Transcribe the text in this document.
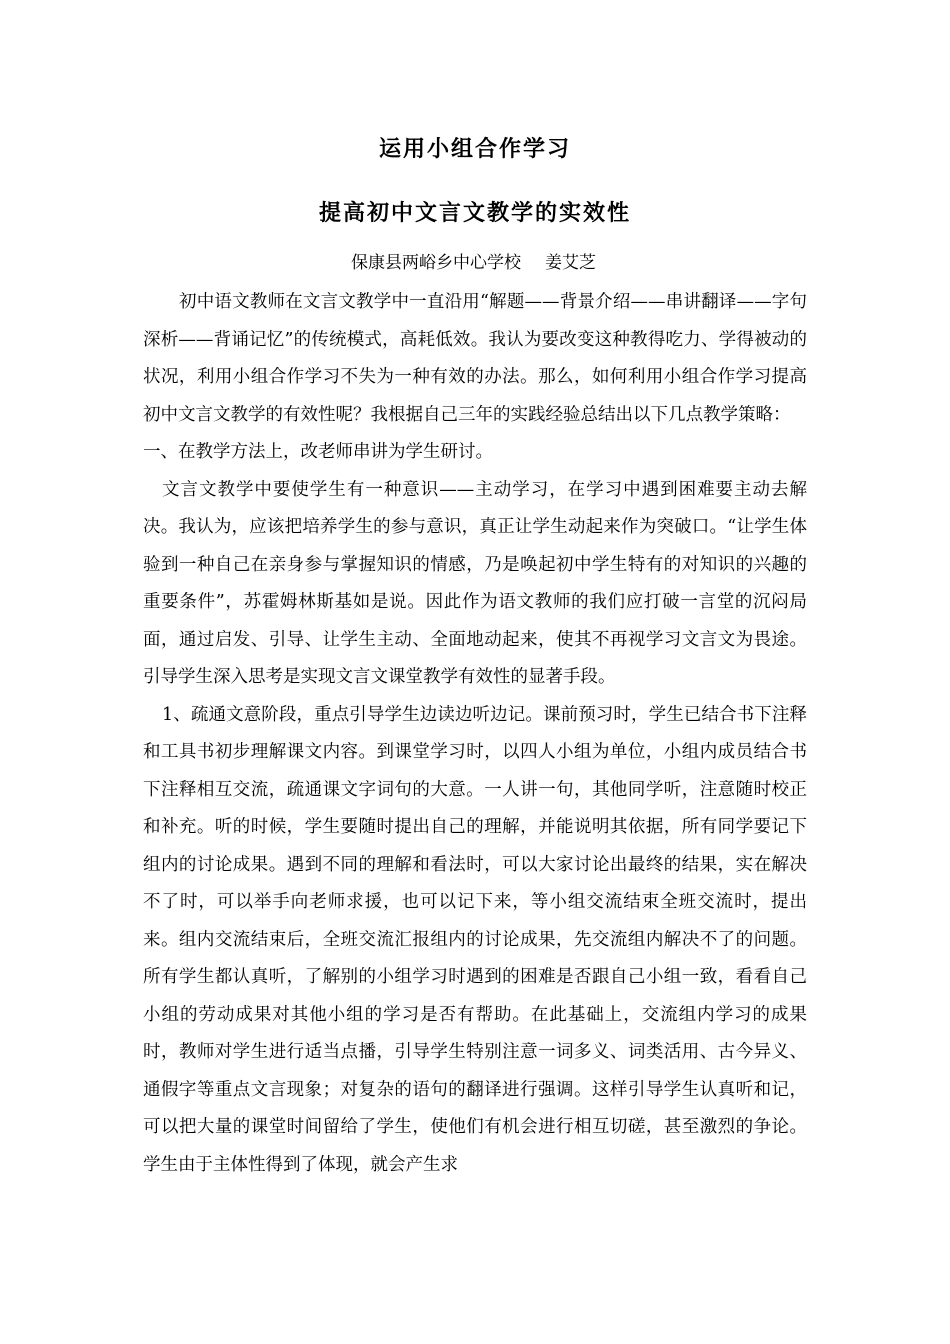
运用小组合作学习
提高初中文言文教学的实效性
保康县两峪乡中心学校 姜艾芝

初中语文教师在文言文教学中一直沿用“解题——背景介绍——串讲翻译——字句深析——背诵记忆”的传统模式，高耗低效。我认为要改变这种教得吃力、学得被动的状况，利用小组合作学习不失为一种有效的办法。那么，如何利用小组合作学习提高初中文言文教学的有效性呢？我根据自己三年的实践经验总结出以下几点教学策略：

一、在教学方法上，改老师串讲为学生研讨。

文言文教学中要使学生有一种意识——主动学习，在学习中遇到困难要主动去解决。我认为，应该把培养学生的参与意识，真正让学生动起来作为突破口。“让学生体验到一种自己在亲身参与掌握知识的情感，乃是唤起初中学生特有的对知识的兴趣的重要条件”，苏霍姆林斯基如是说。因此作为语文教师的我们应打破一言堂的沉闷局面，通过启发、引导、让学生主动、全面地动起来，使其不再视学习文言文为畏途。引导学生深入思考是实现文言文课堂教学有效性的显著手段。

1、疏通文意阶段，重点引导学生边读边听边记。课前预习时，学生已结合书下注释和工具书初步理解课文内容。到课堂学习时，以四人小组为单位，小组内成员结合书下注释相互交流，疏通课文字词句的大意。一人讲一句，其他同学听，注意随时校正和补充。听的时候，学生要随时提出自己的理解，并能说明其依据，所有同学要记下组内的讨论成果。遇到不同的理解和看法时，可以大家讨论出最终的结果，实在解决不了时，可以举手向老师求援，也可以记下来，等小组交流结束全班交流时，提出来。组内交流结束后，全班交流汇报组内的讨论成果，先交流组内解决不了的问题。所有学生都认真听，了解别的小组学习时遇到的困难是否跟自己小组一致，看看自己小组的劳动成果对其他小组的学习是否有帮助。在此基础上，交流组内学习的成果时，教师对学生进行适当点播，引导学生特别注意一词多义、词类活用、古今异义、通假字等重点文言现象；对复杂的语句的翻译进行强调。这样引导学生认真听和记，可以把大量的课堂时间留给了学生，使他们有机会进行相互切磋，甚至激烈的争论。学生由于主体性得到了体现，就会产生求
